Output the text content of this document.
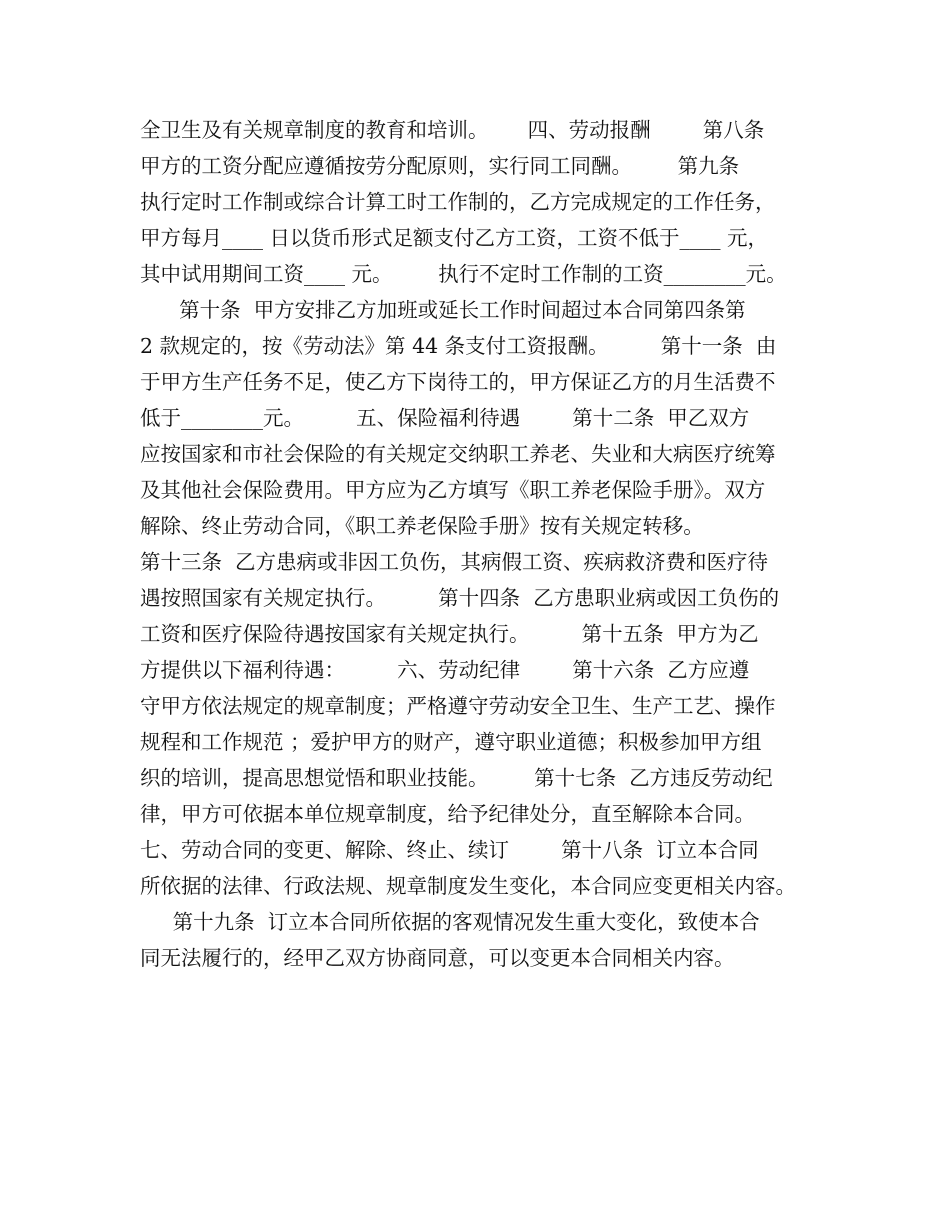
全卫生及有关规章制度的教育和培训。      四、劳动报酬        第八条
甲方的工资分配应遵循按劳分配原则，实行同工同酬。       第九条
执行定时工作制或综合计算工时工作制的，乙方完成规定的工作任务，
甲方每月____ 日以货币形式足额支付乙方工资，工资不低于____ 元，
其中试用期间工资____ 元。       执行不定时工作制的工资________元。
第十条  甲方安排乙方加班或延长工作时间超过本合同第四条第
2 款规定的，按《劳动法》第 44 条支付工资报酬。        第十一条  由
于甲方生产任务不足，使乙方下岗待工的，甲方保证乙方的月生活费不
低于________元。        五、保险福利待遇        第十二条  甲乙双方
应按国家和市社会保险的有关规定交纳职工养老、失业和大病医疗统筹
及其他社会保险费用。甲方应为乙方填写《职工养老保险手册》。双方
解除、终止劳动合同，《职工养老保险手册》按有关规定转移。
第十三条  乙方患病或非因工负伤，其病假工资、疾病救济费和医疗待
遇按照国家有关规定执行。        第十四条  乙方患职业病或因工负伤的
工资和医疗保险待遇按国家有关规定执行。        第十五条  甲方为乙
方提供以下福利待遇：        六、劳动纪律        第十六条  乙方应遵
守甲方依法规定的规章制度；严格遵守劳动安全卫生、生产工艺、操作
规程和工作规范 ；爱护甲方的财产，遵守职业道德；积极参加甲方组
织的培训，提高思想觉悟和职业技能。       第十七条  乙方违反劳动纪
律，甲方可依据本单位规章制度，给予纪律处分，直至解除本合同。
七、劳动合同的变更、解除、终止、续订        第十八条  订立本合同
所依据的法律、行政法规、规章制度发生变化，本合同应变更相关内容。
第十九条  订立本合同所依据的客观情况发生重大变化，致使本合
同无法履行的，经甲乙双方协商同意，可以变更本合同相关内容。
